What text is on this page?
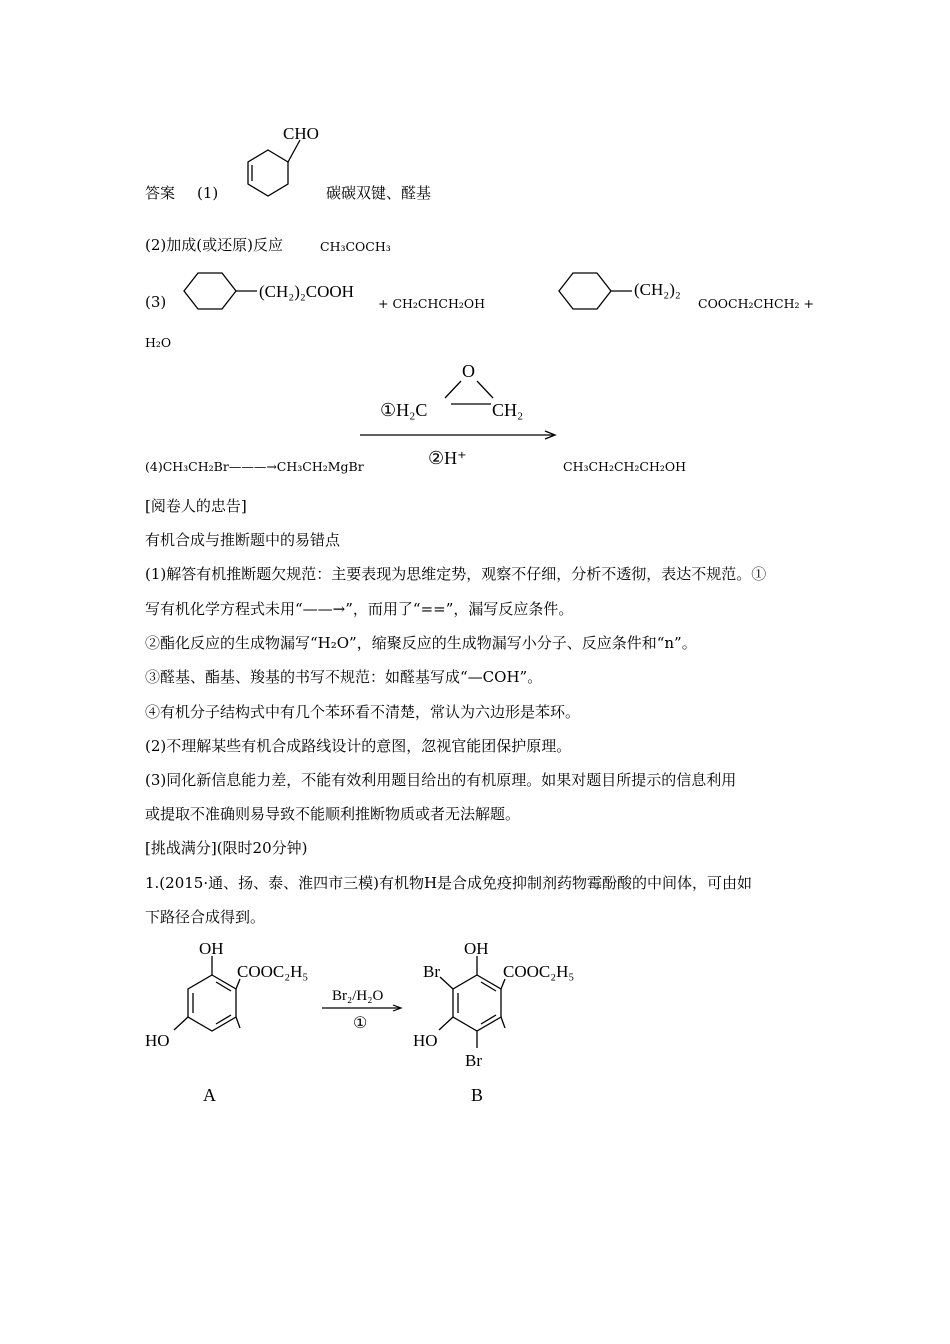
答案 (1)
CHO
碳碳双键、醛基
(2)加成(或还原)反应	CH₃COCH₃
(3)
(CH₂)₂COOH
+ CH₂CHCH₂OH
(CH₂)₂
COOCH₂CHCH₂ +
H₂O
O
①H₂C	CH₂
②H⁺
(4)CH₃CH₂Br———→CH₃CH₂MgBr	CH₃CH₂CH₂CH₂OH
[阅卷人的忠告]
有机合成与推断题中的易错点
(1)解答有机推断题欠规范：主要表现为思维定势，观察不仔细，分析不透彻，表达不规范。①
写有机化学方程式未用“——→”，而用了“==”，漏写反应条件。
②酯化反应的生成物漏写“H₂O”，缩聚反应的生成物漏写小分子、反应条件和“n”。
③醛基、酯基、羧基的书写不规范：如醛基写成“—COH”。
④有机分子结构式中有几个苯环看不清楚，常认为六边形是苯环。
(2)不理解某些有机合成路线设计的意图，忽视官能团保护原理。
(3)同化新信息能力差，不能有效利用题目给出的有机原理。如果对题目所提示的信息利用
或提取不准确则易导致不能顺利推断物质或者无法解题。
[挑战满分](限时20分钟)
1.(2015·通、扬、泰、淮四市三模)有机物H是合成免疫抑制剂药物霉酚酸的中间体，可由如
下路径合成得到。
OH
COOC₂H₅
HO
A
Br₂/H₂O
①
OH
Br	COOC₂H₅
HO
Br
B
